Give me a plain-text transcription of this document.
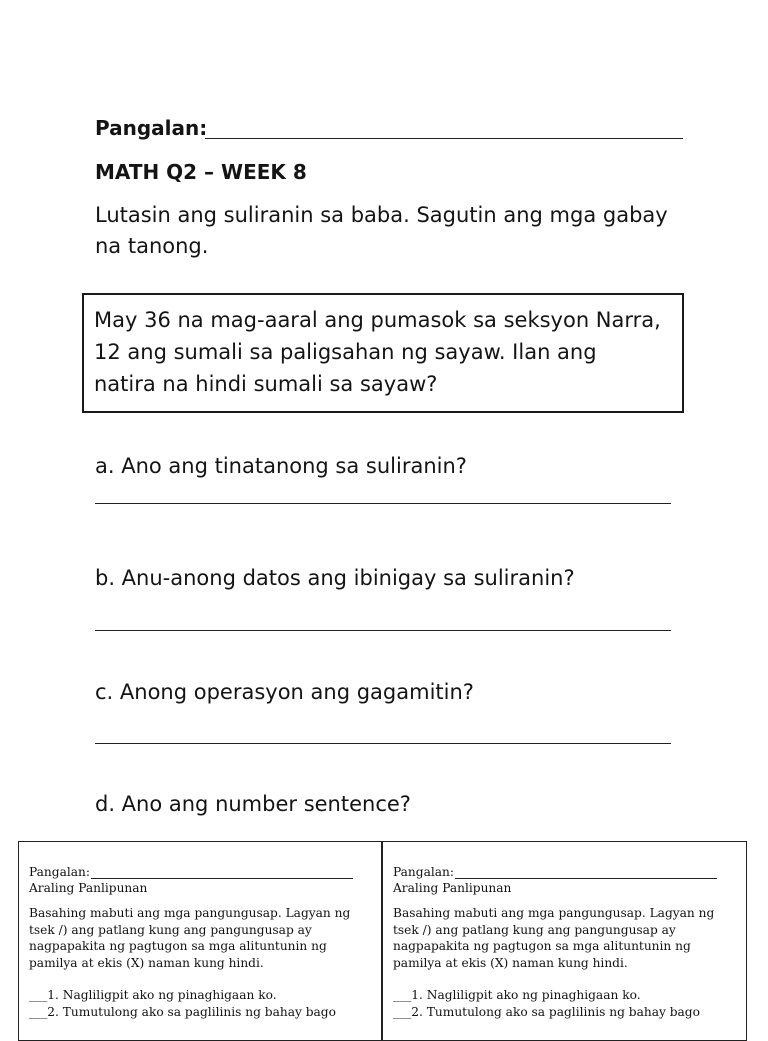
Pangalan:
MATH Q2 – WEEK 8
Lutasin ang suliranin sa baba. Sagutin ang mga gabay na tanong.
May 36 na mag-aaral ang pumasok sa seksyon Narra,
12 ang sumali sa paligsahan ng sayaw. Ilan ang
natira na hindi sumali sa sayaw?
a. Ano ang tinatanong sa suliranin?
b. Anu-anong datos ang ibinigay sa suliranin?
c. Anong operasyon ang gagamitin?
d. Ano ang number sentence?
Pangalan:
Araling Panlipunan
Basahing mabuti ang mga pangungusap. Lagyan ng tsek /) ang patlang kung ang pangungusap ay nagpapakita ng pagtugon sa mga alituntunin ng pamilya at ekis (X) naman kung hindi.
___1. Nagliligpit ako ng pinaghigaan ko.
___2. Tumutulong ako sa paglilinis ng bahay bago
Pangalan:
Araling Panlipunan
Basahing mabuti ang mga pangungusap. Lagyan ng tsek /) ang patlang kung ang pangungusap ay nagpapakita ng pagtugon sa mga alituntunin ng pamilya at ekis (X) naman kung hindi.
___1. Nagliligpit ako ng pinaghigaan ko.
___2. Tumutulong ako sa paglilinis ng bahay bago
